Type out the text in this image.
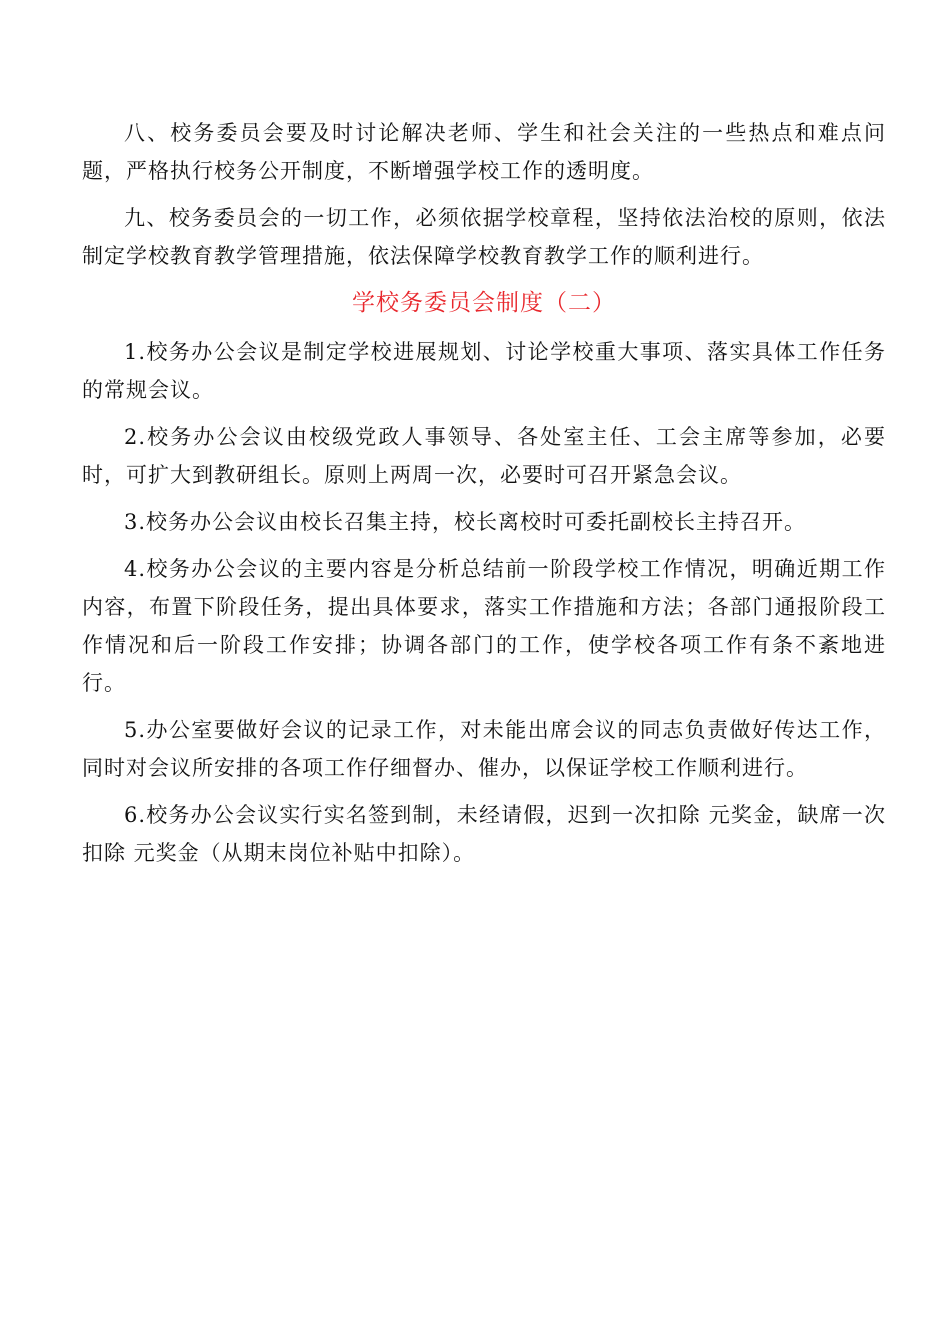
八、校务委员会要及时讨论解决老师、学生和社会关注的一些热点和难点问题，严格执行校务公开制度，不断增强学校工作的透明度。

九、校务委员会的一切工作，必须依据学校章程，坚持依法治校的原则，依法制定学校教育教学管理措施，依法保障学校教育教学工作的顺利进行。

学校务委员会制度（二）

1.校务办公会议是制定学校进展规划、讨论学校重大事项、落实具体工作任务的常规会议。

2.校务办公会议由校级党政人事领导、各处室主任、工会主席等参加，必要时，可扩大到教研组长。原则上两周一次，必要时可召开紧急会议。

3.校务办公会议由校长召集主持，校长离校时可委托副校长主持召开。

4.校务办公会议的主要内容是分析总结前一阶段学校工作情况，明确近期工作内容，布置下阶段任务，提出具体要求，落实工作措施和方法；各部门通报阶段工作情况和后一阶段工作安排；协调各部门的工作，使学校各项工作有条不紊地进行。

5.办公室要做好会议的记录工作，对未能出席会议的同志负责做好传达工作，同时对会议所安排的各项工作仔细督办、催办，以保证学校工作顺利进行。

6.校务办公会议实行实名签到制，未经请假，迟到一次扣除 元奖金，缺席一次扣除 元奖金（从期末岗位补贴中扣除）。
